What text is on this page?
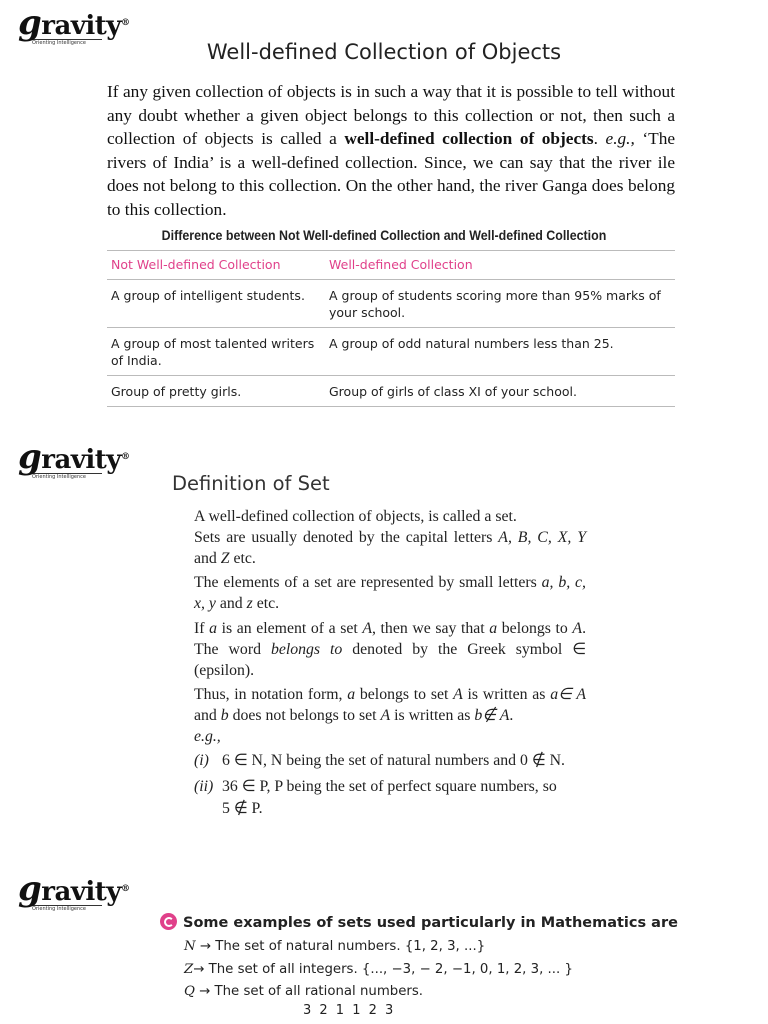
gravity®
Orienting Intelligence	Well-defined Collection of Objects
If any given collection of objects is in such a way that it is possible to tell without any doubt whether a given object belongs to this collection or not, then such a collection of objects is called a well-defined collection of objects. e.g., ‘The rivers of India’ is a well-defined collection. Since, we can say that the river ile does not belong to this collection. On the other hand, the river Ganga does belong to this collection.
Difference between Not Well-defined Collection and Well-defined Collection
Not Well-defined Collection	Well-defined Collection
A group of intelligent students.	A group of students scoring more than 95% marks of your school.
A group of most talented writers of India.	A group of odd natural numbers less than 25.
Group of pretty girls.	Group of girls of class XI of your school.
gravity®
Orienting Intelligence	Definition of Set
A well-defined collection of objects, is called a set.
Sets are usually denoted by the capital letters A, B, C, X, Y and Z etc.
The elements of a set are represented by small letters a, b, c, x, y and z etc.
If a is an element of a set A, then we say that a belongs to A. The word belongs to denoted by the Greek symbol ∈ (epsilon).
Thus, in notation form, a belongs to set A is written as a∈ A and b does not belongs to set A is written as b∉ A.
e.g.,
(i) 6 ∈ N, N being the set of natural numbers and 0 ∉ N.
(ii) 36 ∈ P, P being the set of perfect square numbers, so
5 ∉ P.
gravity®
Orienting Intelligence
Some examples of sets used particularly in Mathematics are
N → The set of natural numbers. {1, 2, 3, ...}
Z→ The set of all integers. {..., −3, − 2, −1, 0, 1, 2, 3, ... }
Q → The set of all rational numbers.
3 2 1 1 2 3
